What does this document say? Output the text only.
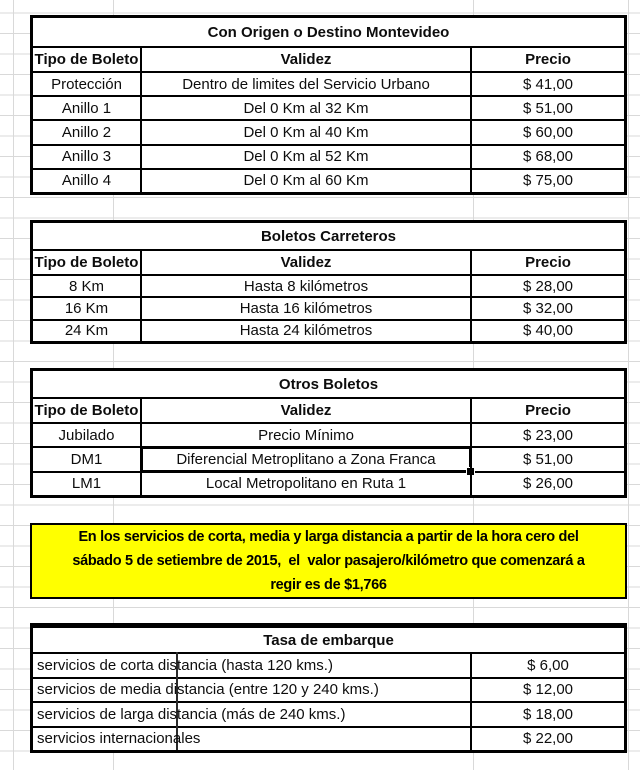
Con Origen o Destino Montevideo
Tipo de Boleto	Validez	Precio
Protección	Dentro de limites del Servicio Urbano	$ 41,00
Anillo 1	Del 0 Km al 32 Km	$ 51,00
Anillo 2	Del 0 Km al 40 Km	$ 60,00
Anillo 3	Del 0 Km al 52 Km	$ 68,00
Anillo 4	Del 0 Km al 60 Km	$ 75,00
Boletos Carreteros
Tipo de Boleto	Validez	Precio
8 Km	Hasta 8 kilómetros	$ 28,00
16 Km	Hasta 16 kilómetros	$ 32,00
24 Km	Hasta 24 kilómetros	$ 40,00
Otros Boletos
Tipo de Boleto	Validez	Precio
Jubilado	Precio Mínimo	$ 23,00
DM1	Diferencial Metroplitano a Zona Franca	$ 51,00
LM1	Local Metropolitano en Ruta 1	$ 26,00
En los servicios de corta, media y larga distancia a partir de la hora cero del
sábado 5 de setiembre de 2015,  el  valor pasajero/kilómetro que comenzará a
regir es de $1,766
Tasa de embarque
servicios de corta distancia (hasta 120 kms.)	$ 6,00
servicios de media distancia (entre 120 y 240 kms.)	$ 12,00
servicios de larga distancia (más de 240 kms.)	$ 18,00
servicios internacionales	$ 22,00
